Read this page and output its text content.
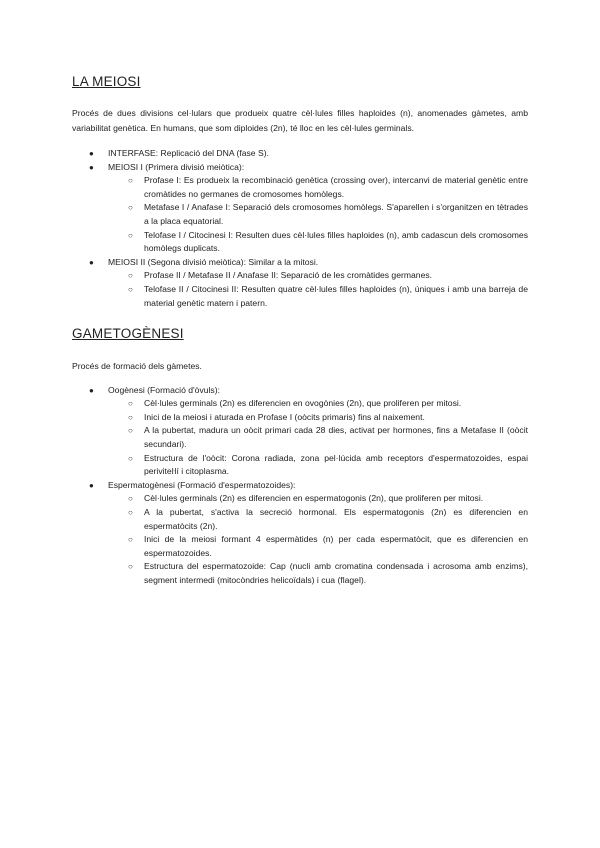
LA MEIOSI

Procés de dues divisions cel·lulars que produeix quatre cèl·lules filles haploides (n), anomenades gàmetes, amb variabilitat genètica. En humans, que som diploides (2n), té lloc en les cèl·lules germinals.

● INTERFASE: Replicació del DNA (fase S).
● MEIOSI I (Primera divisió meiòtica):
○ Profase I: Es produeix la recombinació genètica (crossing over), intercanvi de material genètic entre cromàtides no germanes de cromosomes homòlegs.
○ Metafase I / Anafase I: Separació dels cromosomes homòlegs. S'aparellen i s'organitzen en tètrades a la placa equatorial.
○ Telofase I / Citocinesi I: Resulten dues cèl·lules filles haploides (n), amb cadascun dels cromosomes homòlegs duplicats.
● MEIOSI II (Segona divisió meiòtica): Similar a la mitosi.
○ Profase II / Metafase II / Anafase II: Separació de les cromàtides germanes.
○ Telofase II / Citocinesi II: Resulten quatre cèl·lules filles haploides (n), úniques i amb una barreja de material genètic matern i patern.
GAMETOGÈNESI

Procés de formació dels gàmetes.

● Oogènesi (Formació d'òvuls):
○ Cèl·lules germinals (2n) es diferencien en ovogònies (2n), que proliferen per mitosi.
○ Inici de la meiosi i aturada en Profase I (oòcits primaris) fins al naixement.
○ A la pubertat, madura un oòcit primari cada 28 dies, activat per hormones, fins a Metafase II (oòcit secundari).
○ Estructura de l'oòcit: Corona radiada, zona pel·lúcida amb receptors d'espermatozoides, espai periviteŀlí i citoplasma.
● Espermatogènesi (Formació d'espermatozoides):
○ Cèl·lules germinals (2n) es diferencien en espermatogonis (2n), que proliferen per mitosi.
○ A la pubertat, s'activa la secreció hormonal. Els espermatogonis (2n) es diferencien en espermatòcits (2n).
○ Inici de la meiosi formant 4 espermàtides (n) per cada espermatòcit, que es diferencien en espermatozoides.
○ Estructura del espermatozoide: Cap (nucli amb cromatina condensada i acrosoma amb enzims), segment intermedi (mitocòndries helicoïdals) i cua (flagel).
